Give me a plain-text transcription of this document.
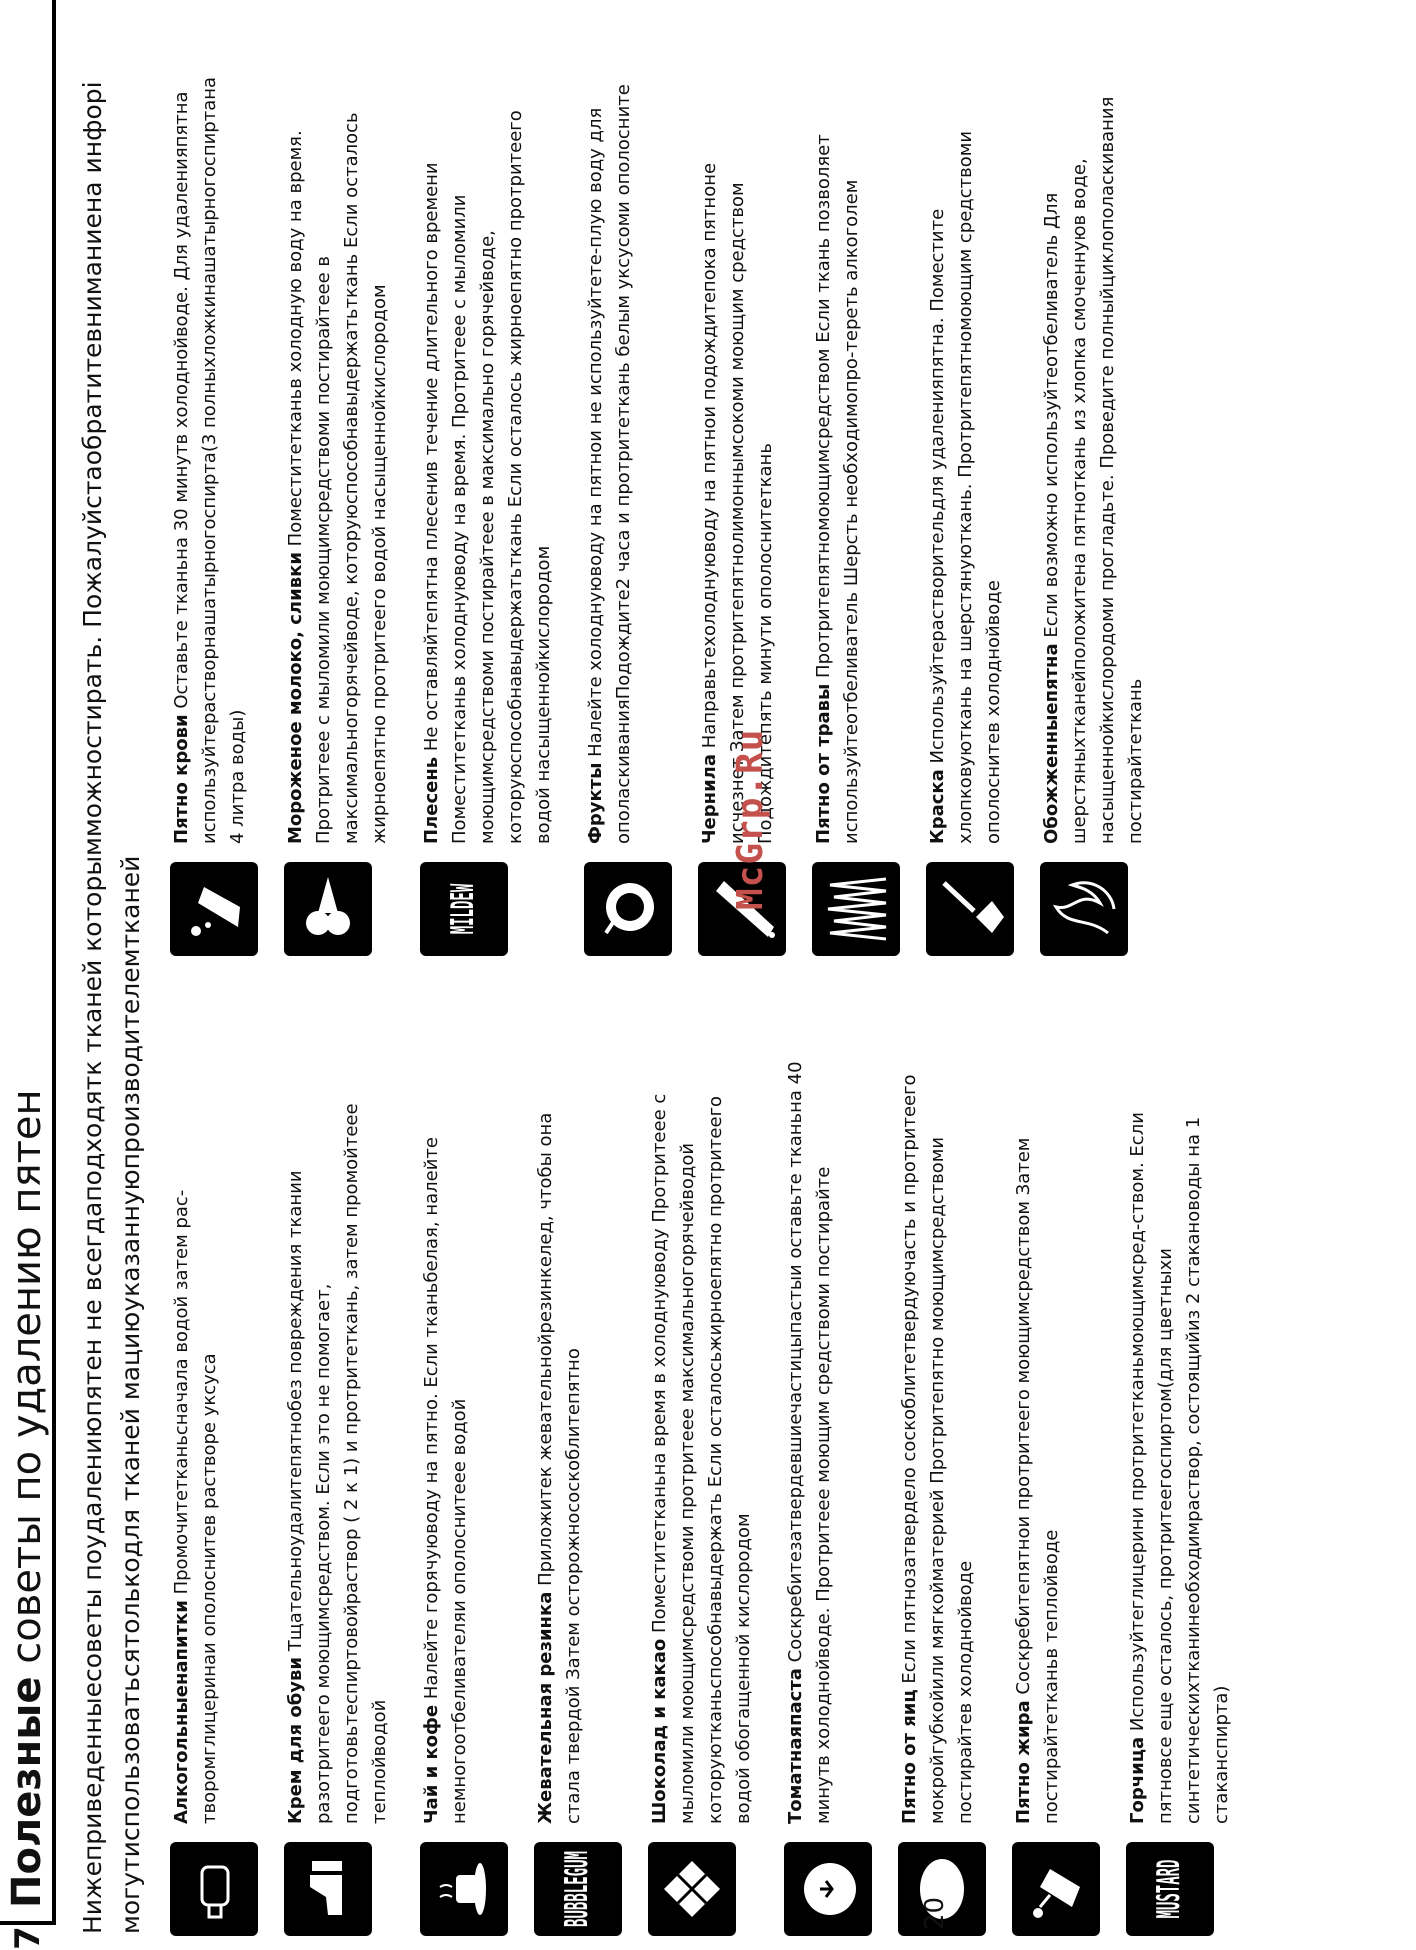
7
Полезные советы по удалению пятен Нижеприведенныесоветы поудалениюпятен не всегдаподходятк тканей которымможностирать. Пожалуйстаобратитевниманиена инфорi могутиспользоватьсятолькодля тканей мациюуказаннуюпроизводителемтканей Алкогольныенапитки Промочитетканьсначала водой затем рас-творомглицеринаи ополоснитев растворе уксуса	Крем для обуви Тщательноудалитепятнобез повреждения ткании разотритеего моющимсредством. Если это не помогает, подготовьтеспиртовойраствор ( 2 к 1) и протритеткань, затем промойтеее теплойводой Чай и кофе Налейте горячуюводу на пятно. Если тканьбелая, налейте немногоотбеливателяи ополоснитеее водой
BUBBLEGUM
Жевательная резинка Приложитек жевательнойрезинкелед, чтобы она стала твердой Затем осторожнососкоблитепятно	Шоколад и какао Поместитетканьна время в холоднуюводу Протритеее с мыломили моющимсредствоми протритеее максимальногорячейводой которуютканьспособнавыдержать Если осталосьжирноепятно протритеего водой обогащенной кислородом Томатнаяпаста Соскребитезатвердевшиечастицыпастыи оставьте тканьна 40 минутв холоднойводе. Протритеее моющим средствоми постирайте	Пятно от яиц Если пятнозатвердело соскоблитетвердуючасть и протритеего мокройгубкойили мягкойматерией Протритепятно моющимсредствоми постирайтев холоднойводе Пятно жира Соскребитепятнои протритеего моющимсредством Затем постирайтетканьв теплойводе
MUSTARD
Горчица Используйтеглицерини протритетканьмоющимсред-ством. Если пятновсе еще осталось, протритеегоспиртом(для цветныхи синтетическихтканинеобходимраствор, состоящийиз 2 стакановоды на 1 стаканспирта)
Пятно крови Оставьте тканьна 30 минутв холоднойводе. Для удаленияпятна используйтерастворнашатырногоспирта(3 полныхложкинашатырногоспиртана 4 литра воды) Мороженое молоко, сливки Поместитетканьв холодную воду на время. Протритеее с мыломили моющимсредствоми постирайтеее в максимальногорячейводе, которуюспособнавыдержатьткань Если осталось жирноепятно протритеего водой насыщеннойкислородом
MILDEW
Плесень Не оставляйтепятна плесенив течение длительного времени Поместитетканьв холоднуюводу на время. Протритеее с мыломили моющимсредствоми постирайтеее в максимально горячейводе, которуюспособнавыдержатьткань Если осталось жирноепятно протритеего водой насыщеннойкислородом Фрукты Налейте холоднуюводу на пятнои не используйтете-плую воду для ополаскиванияПодождите2 часа и протритеткань белым уксусоми ополосните	Чернила Направьтехолоднуюводу на пятнои подождитепока пятноне исчезнет Затем протритепятнолимоннымсокоми моющим средством Подождитепять минути ополоснитеткань Пятно от травы Протритепятномоющимсредством Если ткань позволяет используйтеотбеливатель Шерсть необходимопро-тереть алкоголем	Краска Используйтерастворительдля удаленияпятна. Поместите хлопковуюткань на шерстянуюткань. Протритепятномоющим средствоми ополоснитев холоднойводе Обожженныепятна Если возможно используйтеотбеливатель Для шерстяныхтканейположитена пятноткань из хлопка смоченнуюв воде, насыщеннойкислородоми прогладьте. Проведите полныйциклополаскивания постирайтеткань
McGrp.Ru
20
